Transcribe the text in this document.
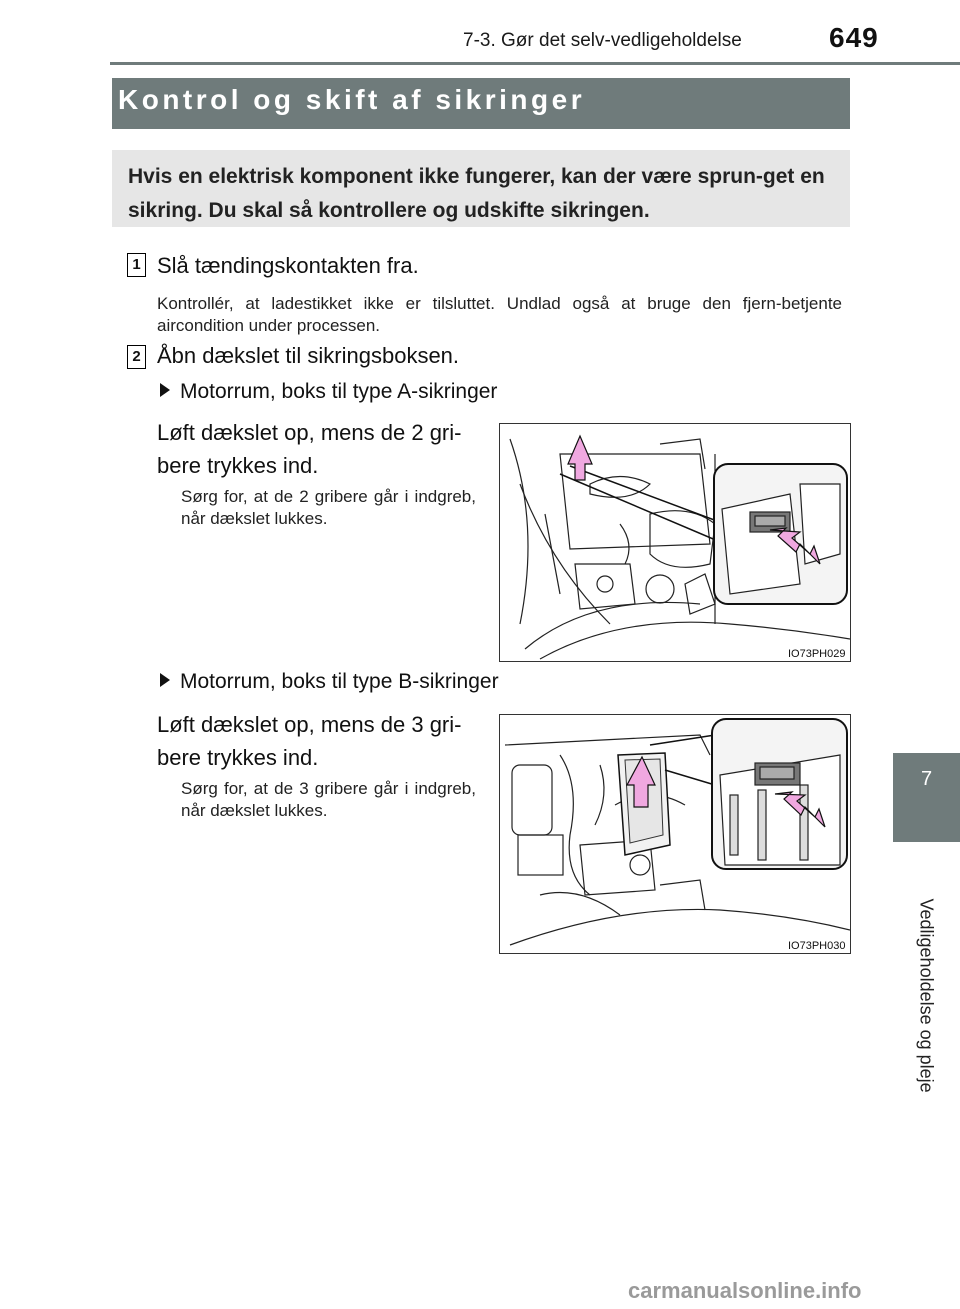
7-3. Gør det selv-vedligeholdelse	649
7
Vedligeholdelse og pleje
Kontrol og skift af sikringer
Hvis en elektrisk komponent ikke fungerer, kan der være sprun-get en sikring. Du skal så kontrollere og udskifte sikringen.
1 Slå tændingskontakten fra.
Kontrollér, at ladestikket ikke er tilsluttet. Undlad også at bruge den fjern-betjente aircondition under processen.
2 Åbn dækslet til sikringsboksen.
Motorrum, boks til type A-sikringer
Løft dækslet op, mens de 2 gri-bere trykkes ind.
Sørg for, at de 2 gribere går i indgreb, når dækslet lukkes.
IO73PH029
Motorrum, boks til type B-sikringer
Løft dækslet op, mens de 3 gri-bere trykkes ind.
Sørg for, at de 3 gribere går i indgreb, når dækslet lukkes.
IO73PH030
carmanualsonline.info
